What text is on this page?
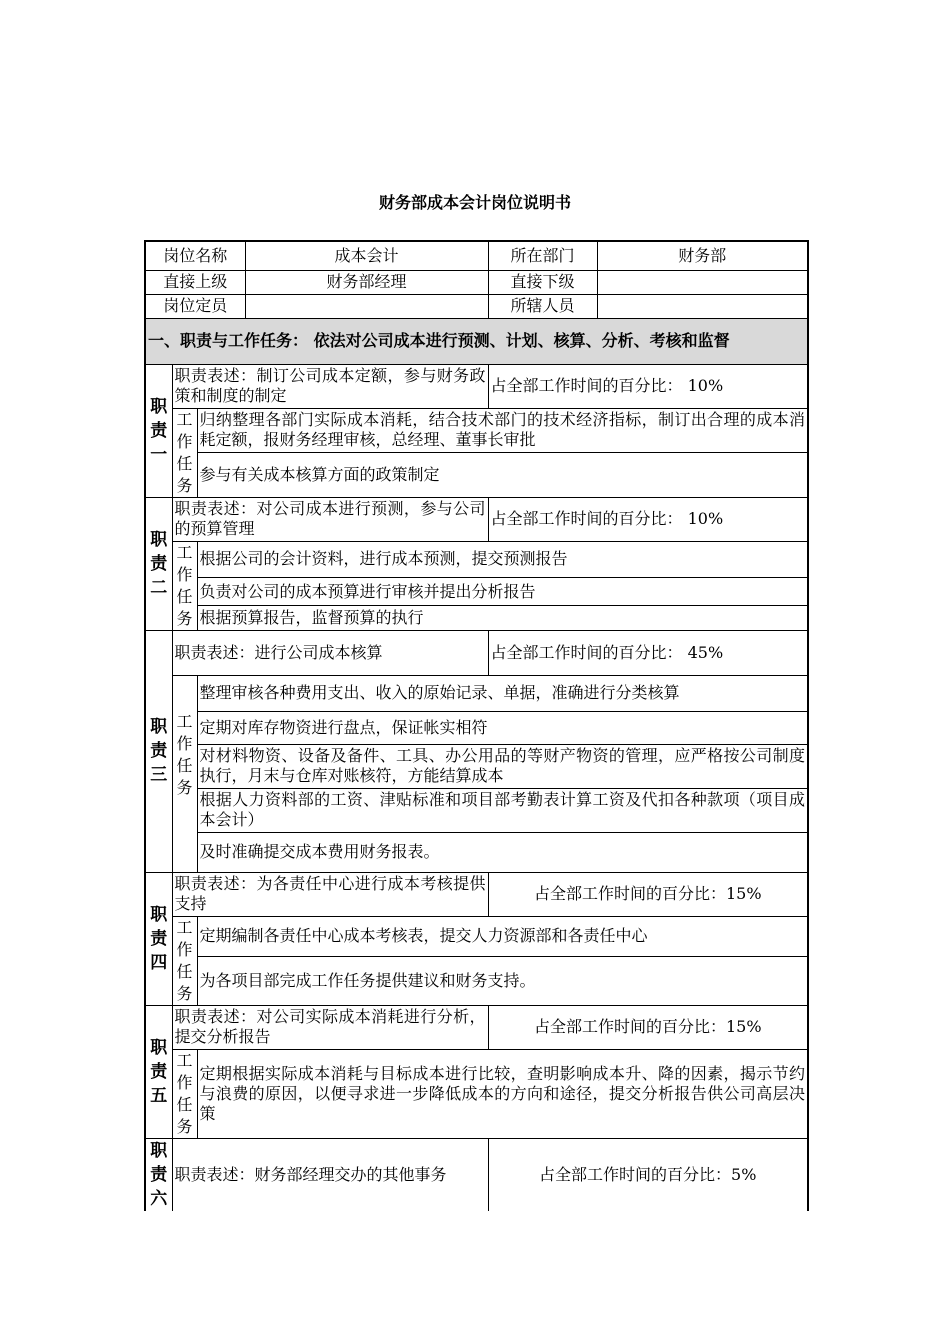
财务部成本会计岗位说明书
岗位名称			成本会计	所在部门	财务部
直接上级			财务部经理	直接下级	
岗位定员				所辖人员	
一、职责与工作任务： 依法对公司成本进行预测、计划、核算、分析、考核和监督					
职责一	职责表述：制订公司成本定额，参与财务政策和制度的制定			占全部工作时间的百分比： 10%	
	工作任务	归纳整理各部门实际成本消耗，结合技术部门的技术经济指标，制订出合理的成本消耗定额，报财务经理审核，总经理、董事长审批			
		参与有关成本核算方面的政策制定			
职责二	职责表述：对公司成本进行预测，参与公司的预算管理			占全部工作时间的百分比： 10%	
	工作任务	根据公司的会计资料，进行成本预测，提交预测报告			
		负责对公司的成本预算进行审核并提出分析报告			
		根据预算报告，监督预算的执行			
职责三	职责表述：进行公司成本核算			占全部工作时间的百分比： 45%	
		整理审核各种费用支出、收入的原始记录、单据，准确进行分类核算			
	工作任务	定期对库存物资进行盘点，保证帐实相符			
		对材料物资、设备及备件、工具、办公用品的等财产物资的管理，应严格按公司制度执行，月末与仓库对账核符，方能结算成本			
		根据人力资料部的工资、津贴标准和项目部考勤表计算工资及代扣各种款项（项目成本会计）			
		及时准确提交成本费用财务报表。			
职责四	职责表述：为各责任中心进行成本考核提供支持			占全部工作时间的百分比：15%	
	工作任务	定期编制各责任中心成本考核表，提交人力资源部和各责任中心			
		为各项目部完成工作任务提供建议和财务支持。			
职责五	职责表述：对公司实际成本消耗进行分析，提交分析报告			占全部工作时间的百分比：15%	
	工作任务	定期根据实际成本消耗与目标成本进行比较，查明影响成本升、降的因素，揭示节约与浪费的原因，以便寻求进一步降低成本的方向和途径，提交分析报告供公司高层决策			
职责六	职责表述：财务部经理交办的其他事务			占全部工作时间的百分比：5%	
